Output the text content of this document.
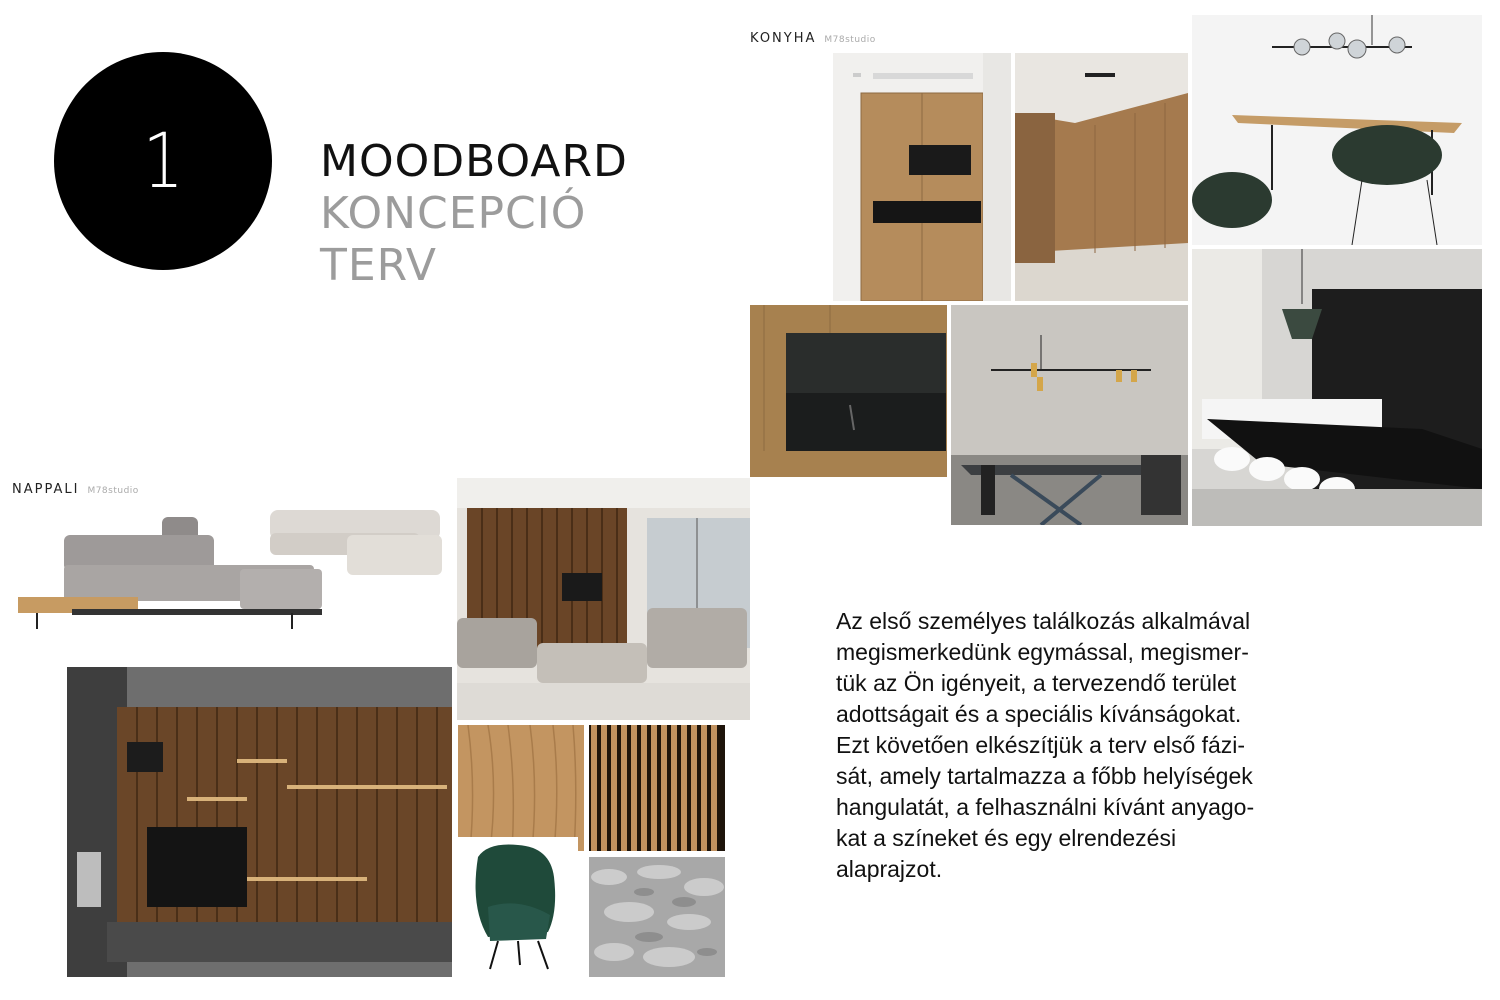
1	MOODBOARD
KONCEPCIÓ
TERV
KONYHA M78studio
NAPPALI M78studio
Az első személyes találkozás alkalmával
megismerkedünk egymással, megismer-
tük az Ön igényeit, a tervezendő terület
adottságait és a speciális kívánságokat.
Ezt követően elkészítjük a terv első fázi-
sát, amely tartalmazza a főbb helyíségek
hangulatát, a felhasználni kívánt anyago-
kat a színeket és egy elrendezési
alaprajzot.
